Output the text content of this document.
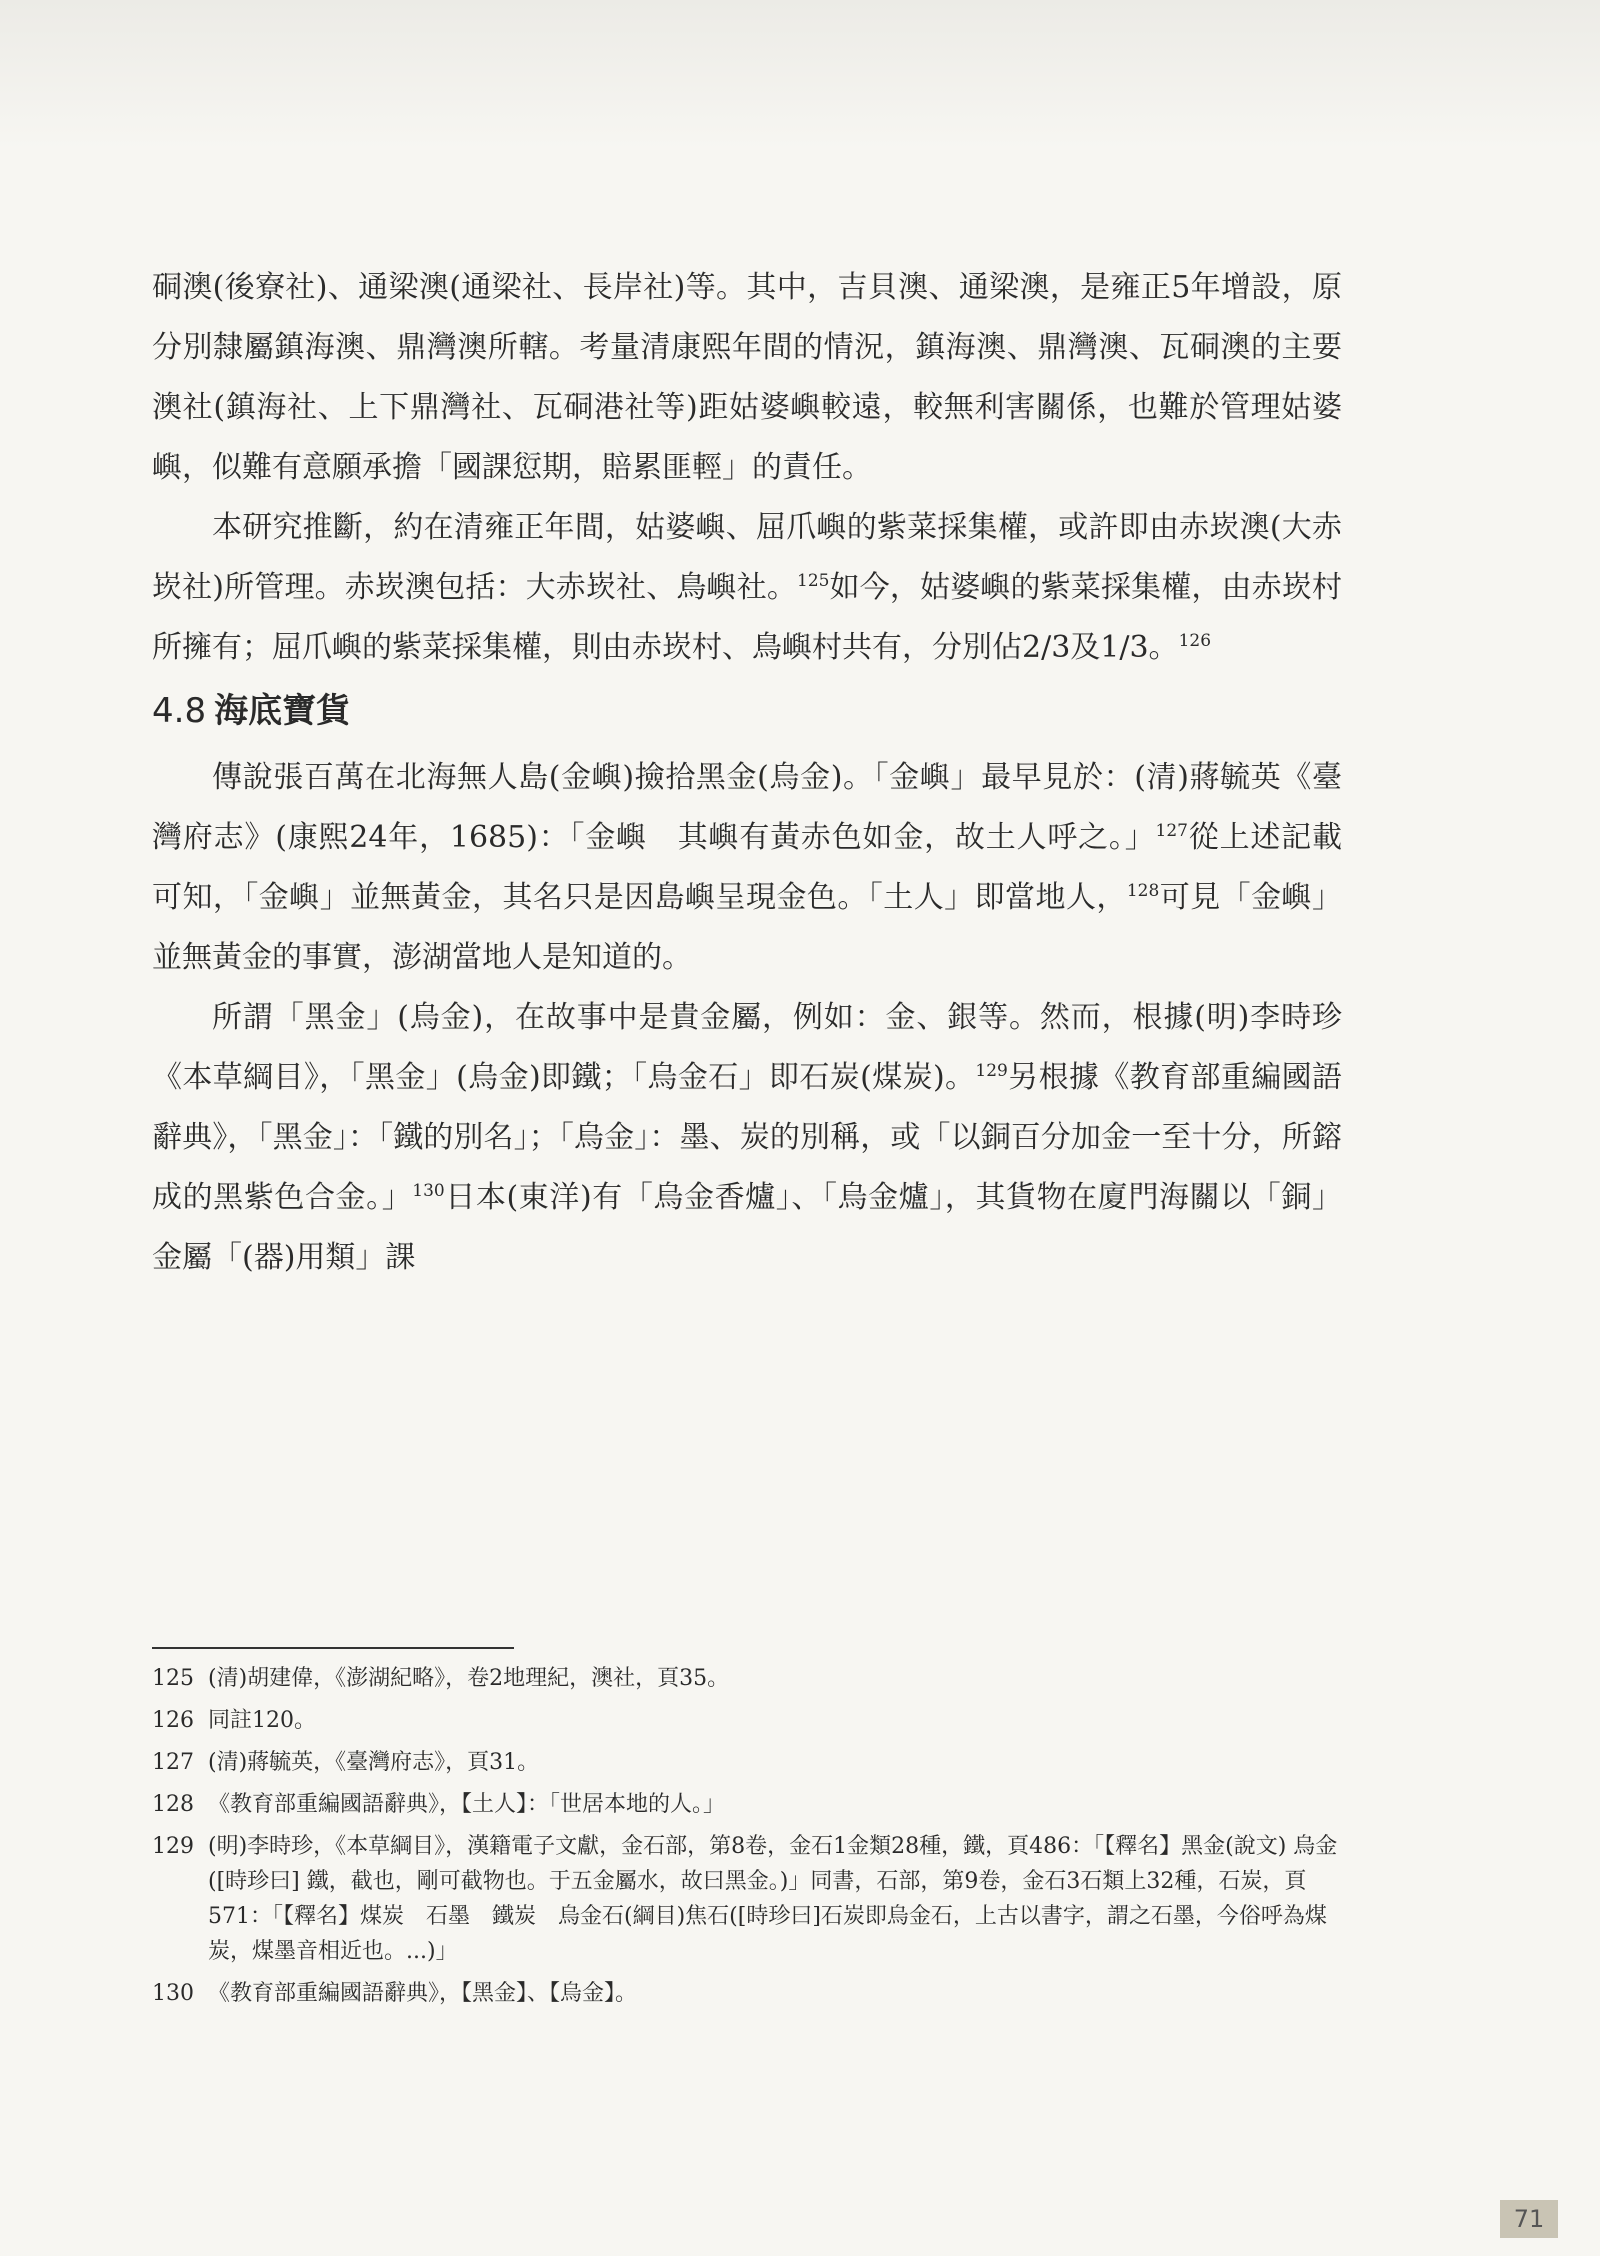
硐澳(後寮社)、通梁澳(通梁社、長岸社)等。其中，吉貝澳、通梁澳，是雍正5年增設，原分別隸屬鎮海澳、鼎灣澳所轄。考量清康熙年間的情況，鎮海澳、鼎灣澳、瓦硐澳的主要澳社(鎮海社、上下鼎灣社、瓦硐港社等)距姑婆嶼較遠，較無利害關係，也難於管理姑婆嶼，似難有意願承擔「國課愆期，賠累匪輕」的責任。

本研究推斷，約在清雍正年間，姑婆嶼、屈爪嶼的紫菜採集權，或許即由赤崁澳(大赤崁社)所管理。赤崁澳包括：大赤崁社、鳥嶼社。$^{125}$如今，姑婆嶼的紫菜採集權，由赤崁村所擁有；屈爪嶼的紫菜採集權，則由赤崁村、鳥嶼村共有，分別佔2/3及1/3。$^{126}$

4.8 海底寶貨

傳說張百萬在北海無人島(金嶼)撿拾黑金(烏金)。「金嶼」最早見於：(清)蔣毓英《臺灣府志》(康熙24年，1685)：「金嶼　其嶼有黃赤色如金，故土人呼之。」$^{127}$從上述記載可知，「金嶼」並無黃金，其名只是因島嶼呈現金色。「土人」即當地人，$^{128}$可見「金嶼」並無黃金的事實，澎湖當地人是知道的。

所謂「黑金」(烏金)，在故事中是貴金屬，例如：金、銀等。然而，根據(明)李時珍《本草綱目》，「黑金」(烏金)即鐵；「烏金石」即石炭(煤炭)。$^{129}$另根據《教育部重編國語辭典》，「黑金」：「鐵的別名」；「烏金」：墨、炭的別稱，或「以銅百分加金一至十分，所鎔成的黑紫色合金。」$^{130}$日本(東洋)有「烏金香爐」、「烏金爐」，其貨物在廈門海關以「銅」金屬「(器)用類」課

125 (清)胡建偉，《澎湖紀略》，卷2地理紀，澳社，頁35。

126 同註120。

127 (清)蔣毓英，《臺灣府志》，頁31。

128 《教育部重編國語辭典》，【土人】：「世居本地的人。」

129 (明)李時珍，《本草綱目》，漢籍電子文獻，金石部，第8卷，金石1金類28種，鐵，頁486：「【釋名】黑金(說文) 烏金([時珍曰] 鐵，截也，剛可截物也。于五金屬水，故曰黑金。)」同書，石部，第9卷，金石3石類上32種，石炭，頁571：「【釋名】煤炭　石墨　鐵炭　烏金石(綱目)焦石([時珍曰]石炭即烏金石，上古以書字，謂之石墨，今俗呼為煤炭，煤墨音相近也。...)」

130 《教育部重編國語辭典》，【黑金】、【烏金】。

71
